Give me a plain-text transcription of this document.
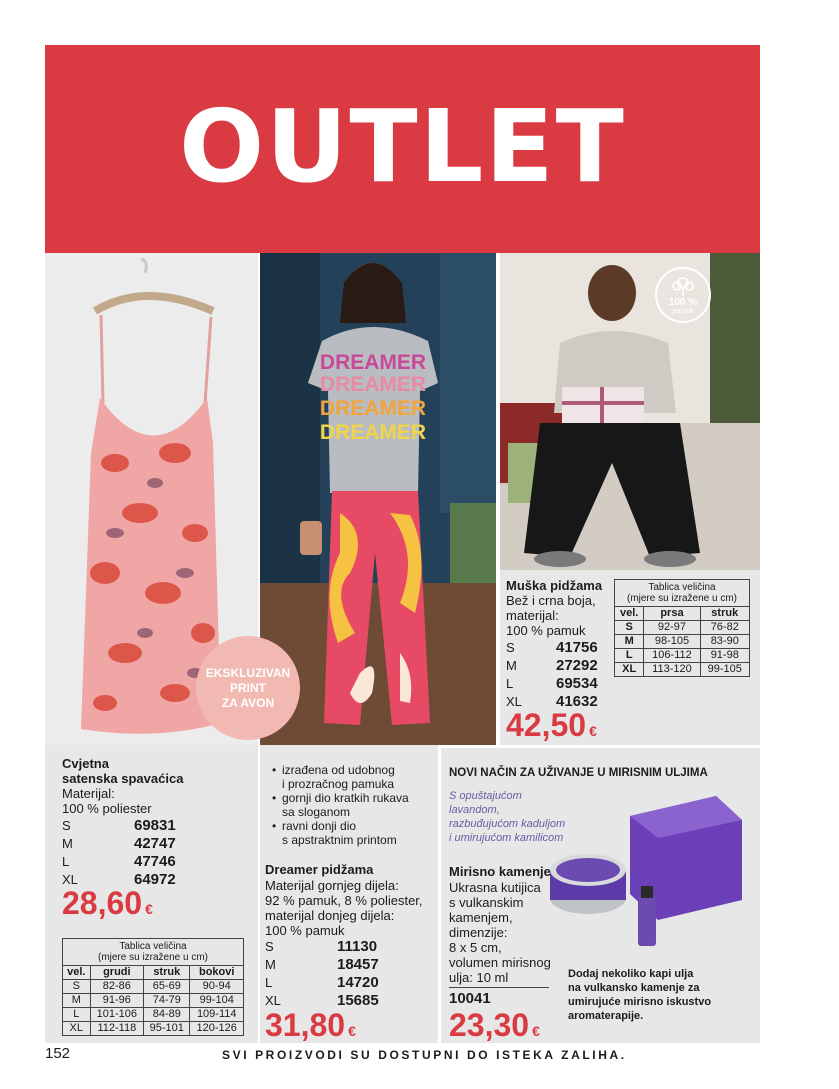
OUTLET
DREAMER
DREAMER
DREAMER
DREAMER
100 %
pamuk
EKSKLUZIVAN
PRINT
ZA AVON
Cvjetna
satenska spavaćica
Materijal:
100 % poliester
S	69831
M	42747
L	47746
XL	64972
28,60 €
Tablica veličina
(mjere su izražene u cm)			

vel.	grudi	struk	bokovi
S	82-86	65-69	90-94
M	91-96	74-79	99-104
L	101-106	84-89	109-114
XL	112-118	95-101	120-126
• izrađena od udobnog
i prozračnog pamuka
• gornji dio kratkih rukava
sa sloganom
• ravni donji dio
s apstraktnim printom
Dreamer pidžama
Materijal gornjeg dijela:
92 % pamuk, 8 % poliester,
materijal donjeg dijela:
100 % pamuk
S	11130
M	18457
L	14720
XL	15685
31,80 €
Muška pidžama
Bež i crna boja,
materijal:
100 % pamuk
S	41756
M	27292
L	69534
XL	41632
42,50 €
Tablica veličina
(mjere su izražene u cm)		

vel.	prsa	struk
S	92-97	76-82
M	98-105	83-90
L	106-112	91-98
XL	113-120	99-105
NOVI NAČIN ZA UŽIVANJE U MIRISNIM ULJIMA
S opuštajućom
lavandom,
razbuđujućom kaduljom
i umirujućom kamilicom
Mirisno kamenje
Ukrasna kutijica
s vulkanskim
kamenjem,
dimenzije:
8 x 5 cm,
volumen mirisnog
ulja: 10 ml
10041
23,30 €
Dodaj nekoliko kapi ulja
na vulkansko kamenje za
umirujuće mirisno iskustvo
aromaterapije.
152	SVI PROIZVODI SU DOSTUPNI DO ISTEKA ZALIHA.
